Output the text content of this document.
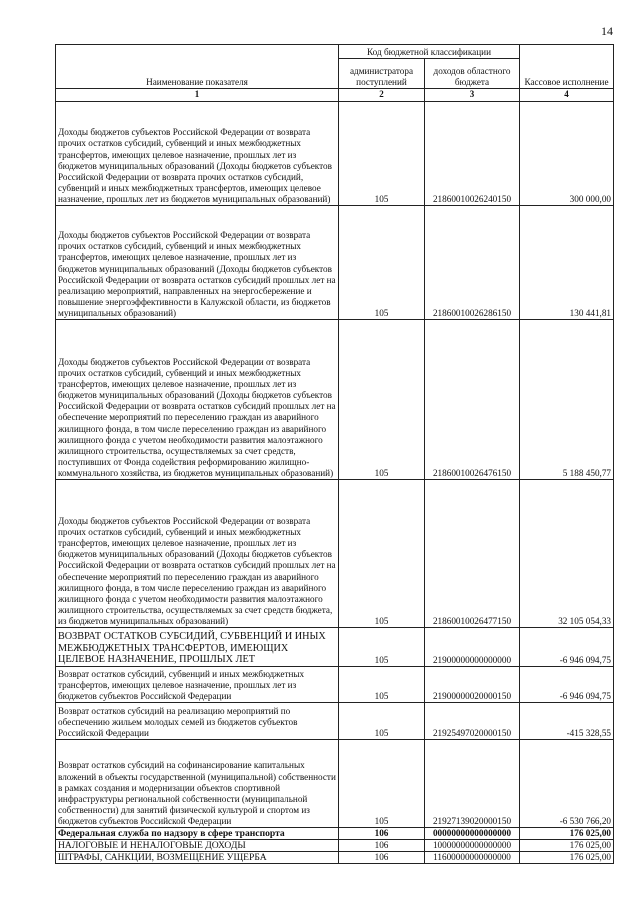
14
Наименование показателя	Код бюджетной классификации		Кассовое исполнение
	администратора поступлений	доходов областного бюджета	
1	2	3	4
Доходы бюджетов субъектов Российской Федерации от возврата прочих остатков субсидий, субвенций и иных межбюджетных трансфертов, имеющих целевое назначение, прошлых лет из бюджетов муниципальных образований (Доходы бюджетов субъектов Российской Федерации от возврата прочих остатков субсидий, субвенций и иных межбюджетных трансфертов, имеющих целевое назначение, прошлых лет из бюджетов муниципальных образований)	105	21860010026240150	300 000,00

Доходы бюджетов субъектов Российской Федерации от возврата прочих остатков субсидий, субвенций и иных межбюджетных трансфертов, имеющих целевое назначение, прошлых лет из бюджетов муниципальных образований (Доходы бюджетов субъектов Российской Федерации от возврата остатков субсидий прошлых лет на реализацию мероприятий, направленных на энергосбережение и повышение энергоэффективности в Калужской области, из бюджетов муниципальных образований)	105	21860010026286150	130 441,81

Доходы бюджетов субъектов Российской Федерации от возврата прочих остатков субсидий, субвенций и иных межбюджетных трансфертов, имеющих целевое назначение, прошлых лет из бюджетов муниципальных образований (Доходы бюджетов субъектов Российской Федерации от возврата остатков субсидий прошлых лет на обеспечение мероприятий по переселению граждан из аварийного жилищного фонда, в том числе переселению граждан из аварийного жилищного фонда с учетом необходимости развития малоэтажного жилищного строительства, осуществляемых за счет средств, поступивших от Фонда содействия реформированию жилищно-коммунального хозяйства, из бюджетов муниципальных образований)	105	21860010026476150	5 188 450,77

Доходы бюджетов субъектов Российской Федерации от возврата прочих остатков субсидий, субвенций и иных межбюджетных трансфертов, имеющих целевое назначение, прошлых лет из бюджетов муниципальных образований (Доходы бюджетов субъектов Российской Федерации от возврата остатков субсидий прошлых лет на обеспечение мероприятий по переселению граждан из аварийного жилищного фонда, в том числе переселению граждан из аварийного жилищного фонда с учетом необходимости развития малоэтажного жилищного строительства, осуществляемых за счет средств бюджета, из бюджетов муниципальных образований)	105	21860010026477150	32 105 054,33
ВОЗВРАТ ОСТАТКОВ СУБСИДИЙ, СУБВЕНЦИЙ И ИНЫХ МЕЖБЮДЖЕТНЫХ ТРАНСФЕРТОВ, ИМЕЮЩИХ ЦЕЛЕВОЕ НАЗНАЧЕНИЕ, ПРОШЛЫХ ЛЕТ	105	21900000000000000	-6 946 094,75
Возврат остатков субсидий, субвенций и иных межбюджетных трансфертов, имеющих целевое назначение, прошлых лет из бюджетов субъектов Российской Федерации	105	21900000020000150	-6 946 094,75
Возврат остатков субсидий на реализацию мероприятий по обеспечению жильем молодых семей из бюджетов субъектов Российской Федерации	105	21925497020000150	-415 328,55

Возврат остатков субсидий на софинансирование капитальных вложений в объекты государственной (муниципальной) собственности в рамках создания и модернизации объектов спортивной инфраструктуры региональной собственности (муниципальной собственности) для занятий физической культурой и спортом из бюджетов субъектов Российской Федерации	105	21927139020000150	-6 530 766,20
Федеральная служба по надзору в сфере транспорта	106	00000000000000000	176 025,00
НАЛОГОВЫЕ И НЕНАЛОГОВЫЕ ДОХОДЫ	106	10000000000000000	176 025,00
ШТРАФЫ, САНКЦИИ, ВОЗМЕЩЕНИЕ УЩЕРБА	106	11600000000000000	176 025,00
